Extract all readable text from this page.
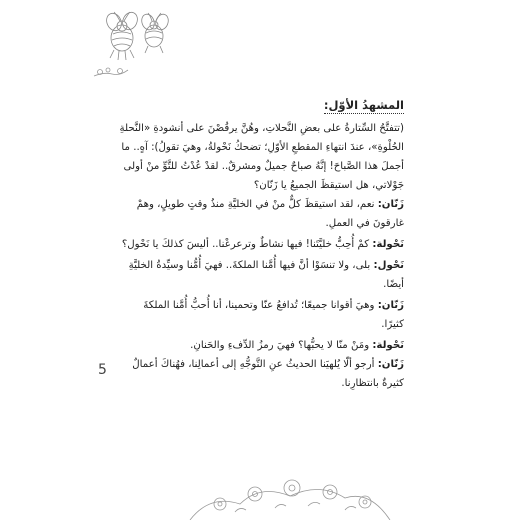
المشهدُ الأوّل:

(تتفتَّحُ السِّتارةُ على بعضِ النَّحلاتِ، وهُنَّ يرقُصْنَ على أنشودةِ «النَّحلةِ الحُلْوةِ»، عندَ انتهاءِ المقطعِ الأوّلِ؛ تضحكُ نَحْولةُ، وهيَ تقولُ): آهٍ.. ما أجملَ هذا الصَّباحَ! إنَّهُ صباحٌ جميلٌ ومشرقٌ.. لقدْ عُدْتُ للتَّوِّ منْ أولى جَوْلاتي، هل استيقظَ الجميعُ يا زَنّان؟

زَنّان: نعم، لقد استيقظَ كلٌّ منْ في الخليَّةِ منذُ وقتٍ طويلٍ، وهمْ غارقونَ في العملِ.

نَحْولة: كمْ أُحِبُّ خليَّتَنا! فيها نشاطٌ وترعرعْنا.. أليسَ كذلكَ يا نَحْول؟

نَحْول: بلى، ولا تنسَوْا أنَّ فيها أُمَّنا الملكةَ.. فهيَ أُمُّنا وسيِّدةُ الخليَّةِ أيضًا.

زَنّان: وهيَ أقوانا جميعًا؛ تُدافعُ عنّا وتحمينا، أنا أُحبُّ أُمَّنا الملكةَ كثيرًا.

نَحْولة: ومَنْ منّا لا يحبُّها؟ فهيَ رمزُ الدِّفءِ والحَنانِ.

زَنّان: أرجو ألّا يُلهيَنا الحديثُ عنِ التَّوجُّهِ إلى أعمالِنا، فهُناكَ أعمالٌ كثيرةٌ بانتظارِنا.

5
